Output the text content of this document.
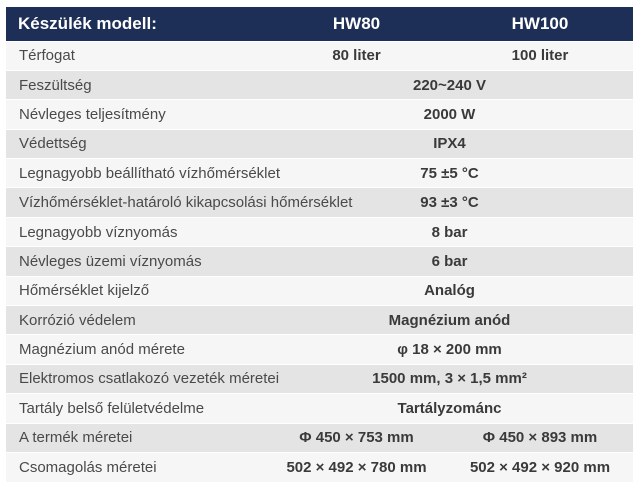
Készülék modell:	HW80	HW100
Térfogat	80 liter	100 liter
Feszültség	220~240 V	
Névleges teljesítmény	2000 W	
Védettség	IPX4	
Legnagyobb beállítható vízhőmérséklet	75 ±5 °C	
Vízhőmérséklet-határoló kikapcsolási hőmérséklet	93 ±3 °C	
Legnagyobb víznyomás	8 bar	
Névleges üzemi víznyomás	6 bar	
Hőmérséklet kijelző	Analóg	
Korrózió védelem	Magnézium anód	
Magnézium anód mérete	φ 18 × 200 mm	
Elektromos csatlakozó vezeték méretei	1500 mm, 3 × 1,5 mm²	
Tartály belső felületvédelme	Tartályzománc	
A termék méretei	Φ 450 × 753 mm	Φ 450 × 893 mm
Csomagolás méretei	502 × 492 × 780 mm	502 × 492 × 920 mm
